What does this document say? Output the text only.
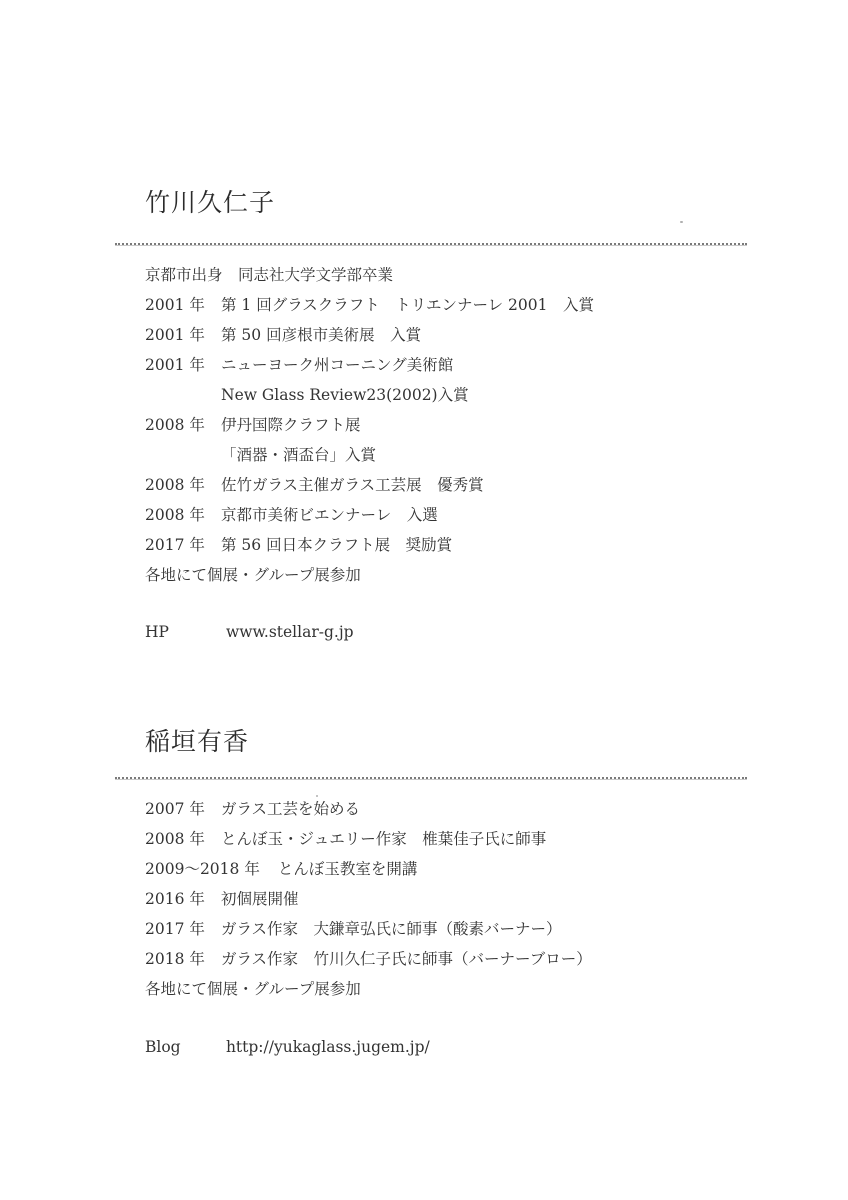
竹川久仁子
京都市出身　同志社大学文学部卒業
2001 年	第 1 回グラスクラフト　トリエンナーレ 2001　入賞
2001 年	第 50 回彦根市美術展　入賞
2001 年	ニューヨーク州コーニング美術館
New Glass Review23(2002)入賞
2008 年	伊丹国際クラフト展
「酒器・酒盃台」入賞
2008 年	佐竹ガラス主催ガラス工芸展　優秀賞
2008 年	京都市美術ビエンナーレ　入選
2017 年	第 56 回日本クラフト展　奨励賞
各地にて個展・グループ展参加
HP	www.stellar-g.jp
稲垣有香
2007 年	ガラス工芸を始める
2008 年	とんぼ玉・ジュエリー作家　椎葉佳子氏に師事
2009〜2018 年 とんぼ玉教室を開講
2016 年	初個展開催
2017 年	ガラス作家　大鎌章弘氏に師事（酸素バーナー）
2018 年	ガラス作家　竹川久仁子氏に師事（バーナーブロー）
各地にて個展・グループ展参加
Blog	http://yukaglass.jugem.jp/
